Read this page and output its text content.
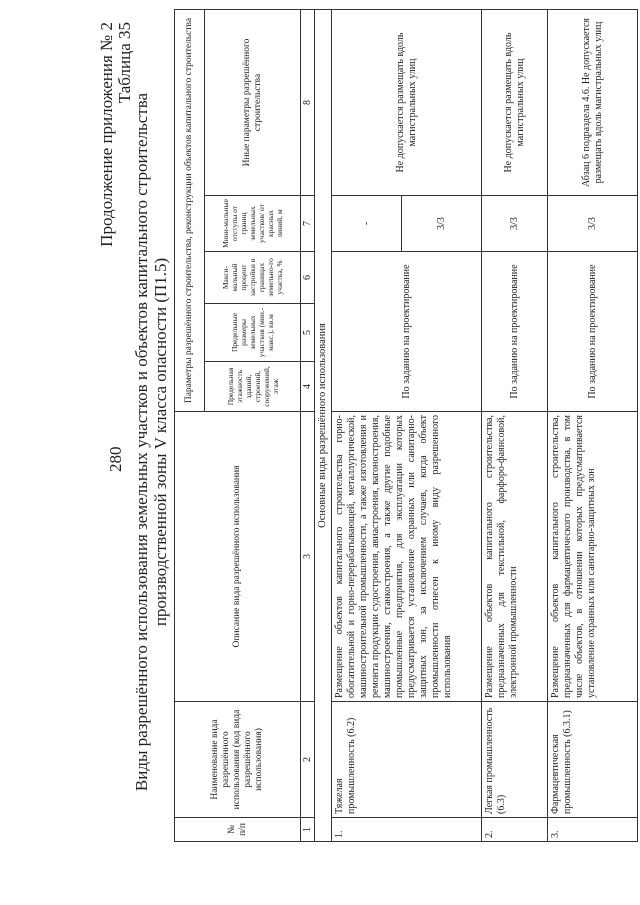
280
Продолжение приложения № 2 Таблица 35
Виды разрешённого использования земельных участков и объектов капитального строительства производственной зоны V класса опасности (П1.5)
№ п/п	Наименование вида разрешённого использования (код вида разрешённого использования)	Описание вида разрешённого использования	Параметры разрешённого строительства, реконструкции объектов капитального строительства				
			Предельная этажность зданий, строений, сооружений, этаж	Предельные размеры земельных участков (мин.-макс.), кв.м	Макси-мальный процент застройки в границах земельно-го участка, %	Мини-мальные отступы от границ земельных участков/ от красных линий, м	Иные параметры разрешённого строительства
1	2	3	4	5	6	7	8
Основные виды разрешённого использования							
1.	Тяжелая промышленность (6.2)	Размещение объектов капитального строительства горно-обогатительной и горно-перерабатывающей, металлургической, машиностроительной промышленности, а также изготовления и ремонта продукции судостроения, авиастроения, вагоностроения, машиностроения, станкостроения, а также другие подобные промышленные предприятия, для эксплуатации которых предусматривается установление охранных или санитарно-защитных зон, за исключением случаев, когда объект промышленности отнесен к иному виду разрешенного использования	По заданию на проектирование			-	Не допускается размещать вдоль магистральных улиц
						3/3	
2.	Легкая промышленность (6.3)	Размещение объектов капитального строительства, предназначенных для текстильной, фарфоро-фаянсовой, электронной промышленности	По заданию на проектирование			3/3	Не допускается размещать вдоль магистральных улиц
3.	Фармацевтическая промышленность (6.3.1)	Размещение объектов капитального строительства, предназначенных для фармацевтического производства, в том числе объектов, в отношении которых предусматривается установление охранных или санитарно-защитных зон	По заданию на проектирование			3/3	Абзац 6 подраздела 4.6. Не допускается размещать вдоль магистральных улиц
